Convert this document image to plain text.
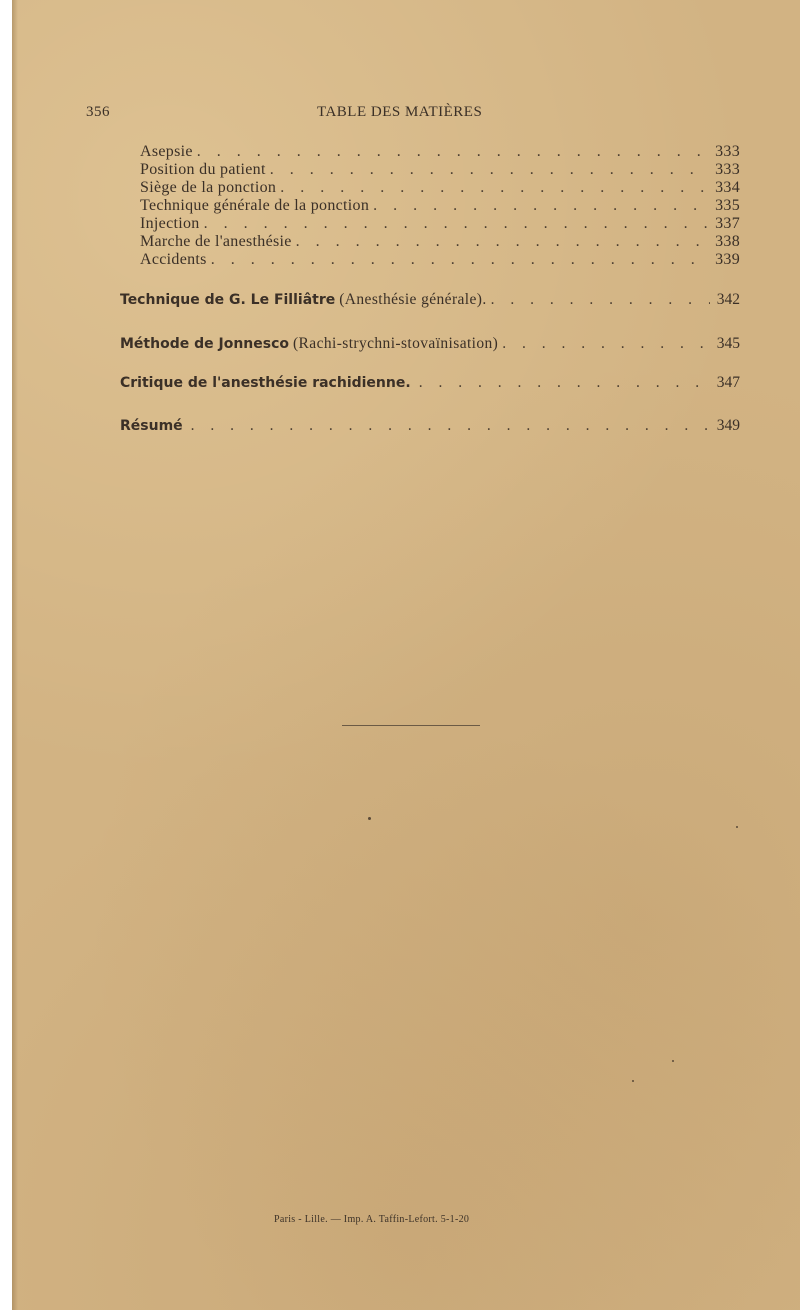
356	TABLE DES MATIÈRES
Asepsie . . .	333
Position du patient . . .	333
Siège de la ponction . . .	334
Technique générale de la ponction . . .	335
Injection . . .	337
Marche de l'anesthésie . . .	338
Accidents . . .	339
Technique de G. Le Filliâtre (Anesthésie générale). . . .	342
Méthode de Jonnesco (Rachi-strychni-stovaïnisation) . . .	345
Critique de l'anesthésie rachidienne. . . .	347
Résumé . . .	349
Paris - Lille. — Imp. A. Taffin-Lefort. 5-1-20
